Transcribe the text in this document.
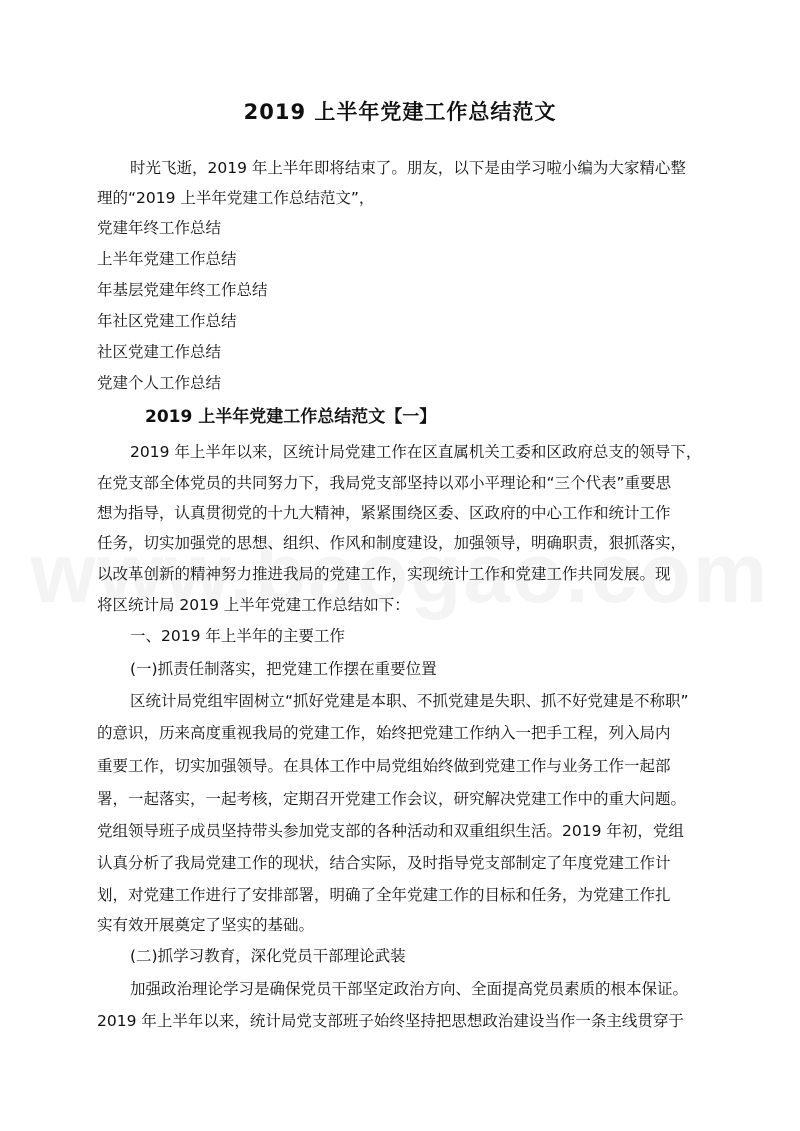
2019 上半年党建工作总结范文
时光飞逝，2019 年上半年即将结束了。朋友，以下是由学习啦小编为大家精心整
理的“2019 上半年党建工作总结范文”，
党建年终工作总结
上半年党建工作总结
年基层党建年终工作总结
年社区党建工作总结
社区党建工作总结
党建个人工作总结
2019 上半年党建工作总结范文【一】
2019 年上半年以来，区统计局党建工作在区直属机关工委和区政府总支的领导下，
在党支部全体党员的共同努力下，我局党支部坚持以邓小平理论和“三个代表”重要思
想为指导，认真贯彻党的十九大精神，紧紧围绕区委、区政府的中心工作和统计工作
任务，切实加强党的思想、组织、作风和制度建设，加强领导，明确职责，狠抓落实，
以改革创新的精神努力推进我局的党建工作，实现统计工作和党建工作共同发展。现
将区统计局 2019 上半年党建工作总结如下：
一、2019 年上半年的主要工作
(一)抓责任制落实，把党建工作摆在重要位置
区统计局党组牢固树立“抓好党建是本职、不抓党建是失职、抓不好党建是不称职”
的意识，历来高度重视我局的党建工作，始终把党建工作纳入一把手工程，列入局内
重要工作，切实加强领导。在具体工作中局党组始终做到党建工作与业务工作一起部
署，一起落实，一起考核，定期召开党建工作会议，研究解决党建工作中的重大问题。
党组领导班子成员坚持带头参加党支部的各种活动和双重组织生活。2019 年初，党组
认真分析了我局党建工作的现状，结合实际，及时指导党支部制定了年度党建工作计
划，对党建工作进行了安排部署，明确了全年党建工作的目标和任务，为党建工作扎
实有效开展奠定了坚实的基础。
(二)抓学习教育，深化党员干部理论武装
加强政治理论学习是确保党员干部坚定政治方向、全面提高党员素质的根本保证。
2019 年上半年以来，统计局党支部班子始终坚持把思想政治建设当作一条主线贯穿于
